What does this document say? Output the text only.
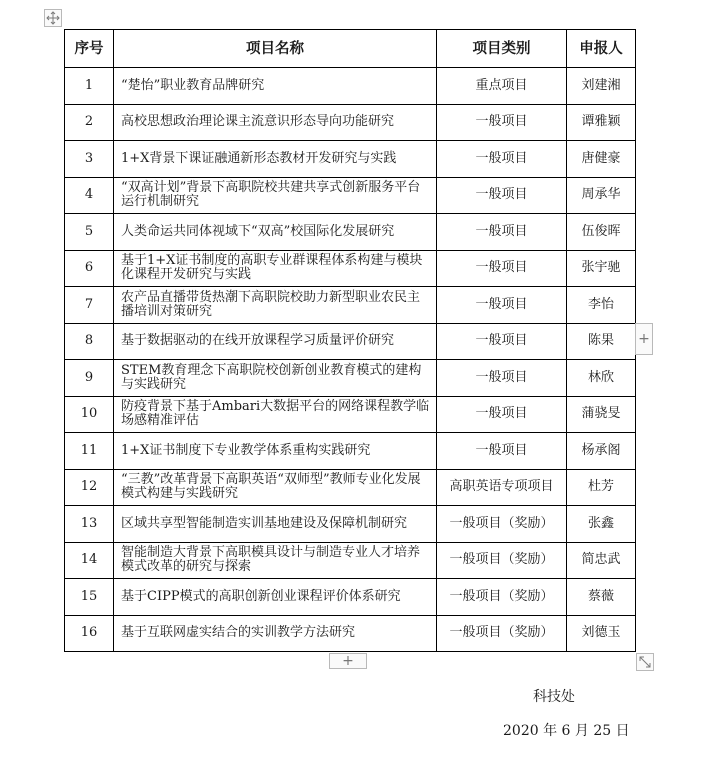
序号	项目名称	项目类别	申报人
1	“楚怡”职业教育品牌研究	重点项目	刘建湘
2	高校思想政治理论课主流意识形态导向功能研究	一般项目	谭雅颖
3	1+X背景下课证融通新形态教材开发研究与实践	一般项目	唐健豪
4	“双高计划”背景下高职院校共建共享式创新服务平台运行机制研究	一般项目	周承华
5	人类命运共同体视域下“双高”校国际化发展研究	一般项目	伍俊晖
6	基于1+X证书制度的高职专业群课程体系构建与模块化课程开发研究与实践	一般项目	张宇驰
7	农产品直播带货热潮下高职院校助力新型职业农民主播培训对策研究	一般项目	李怡
8	基于数据驱动的在线开放课程学习质量评价研究	一般项目	陈果
9	STEM教育理念下高职院校创新创业教育模式的建构与实践研究	一般项目	林欣
10	防疫背景下基于Ambari大数据平台的网络课程教学临场感精准评估	一般项目	蒲骁旻
11	1+X证书制度下专业教学体系重构实践研究	一般项目	杨承阁
12	“三教”改革背景下高职英语“双师型”教师专业化发展模式构建与实践研究	高职英语专项项目	杜芳
13	区域共享型智能制造实训基地建设及保障机制研究	一般项目（奖励）	张鑫
14	智能制造大背景下高职模具设计与制造专业人才培养模式改革的研究与探索	一般项目（奖励）	简忠武
15	基于CIPP模式的高职创新创业课程评价体系研究	一般项目（奖励）	蔡薇
16	基于互联网虚实结合的实训教学方法研究	一般项目（奖励）	刘德玉
+
+
科技处
2020 年 6 月 25 日
